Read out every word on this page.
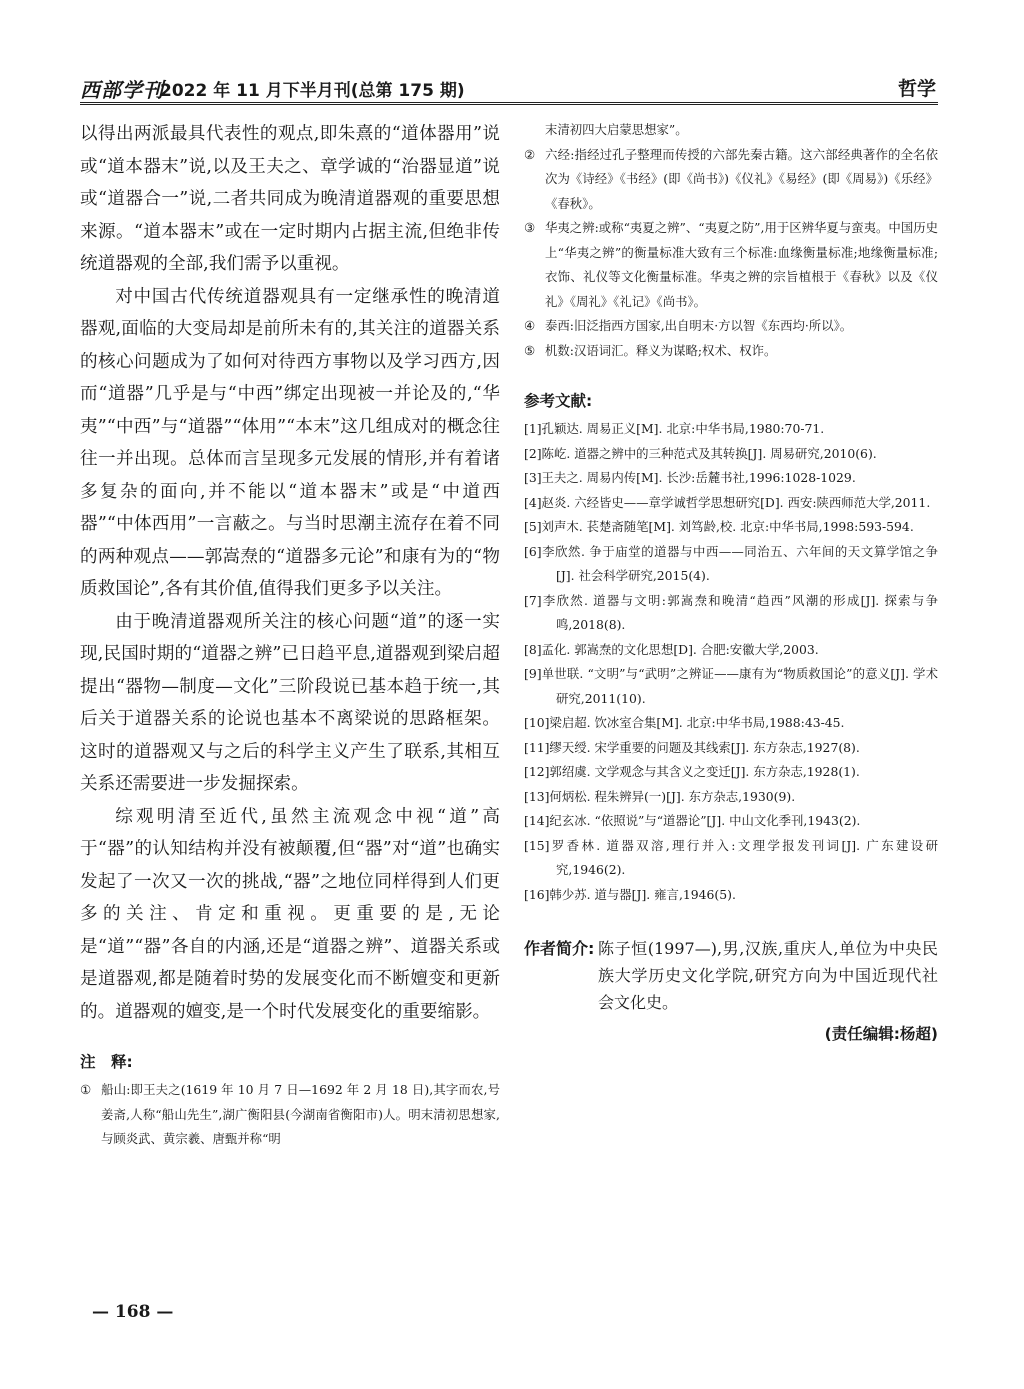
西部学刊
2022 年 11 月下半月刊(总第 175 期)	哲学

以得出两派最具代表性的观点,即朱熹的“道体器用”说或“道本器末”说,以及王夫之、章学诚的“治器显道”说或“道器合一”说,二者共同成为晚清道器观的重要思想来源。“道本器末”或在一定时期内占据主流,但绝非传统道器观的全部,我们需予以重视。

对中国古代传统道器观具有一定继承性的晚清道器观,面临的大变局却是前所未有的,其关注的道器关系的核心问题成为了如何对待西方事物以及学习西方,因而“道器”几乎是与“中西”绑定出现被一并论及的,“华夷”“中西”与“道器”“体用”“本末”这几组成对的概念往往一并出现。总体而言呈现多元发展的情形,并有着诸多复杂的面向,并不能以“道本器末”或是“中道西器”“中体西用”一言蔽之。与当时思潮主流存在着不同的两种观点——郭嵩焘的“道器多元论”和康有为的“物质救国论”,各有其价值,值得我们更多予以关注。

由于晚清道器观所关注的核心问题“道”的逐一实现,民国时期的“道器之辨”已日趋平息,道器观到梁启超提出“器物—制度—文化”三阶段说已基本趋于统一,其后关于道器关系的论说也基本不离梁说的思路框架。这时的道器观又与之后的科学主义产生了联系,其相互关系还需要进一步发掘探索。

综观明清至近代,虽然主流观念中视“道”高于“器”的认知结构并没有被颠覆,但“器”对“道”也确实发起了一次又一次的挑战,“器”之地位同样得到人们更多的关注、肯定和重视。更重要的是,无论是“道”“器”各自的内涵,还是“道器之辨”、道器关系或是道器观,都是随着时势的发展变化而不断嬗变和更新的。道器观的嬗变,是一个时代发展变化的重要缩影。

注　释:

① 船山:即王夫之(1619 年 10 月 7 日—1692 年 2 月 18 日),其字而农,号姜斋,人称“船山先生”,湖广衡阳县(今湖南省衡阳市)人。明末清初思想家,与顾炎武、黄宗羲、唐甄并称“明

末清初四大启蒙思想家”。

② 六经:指经过孔子整理而传授的六部先秦古籍。这六部经典著作的全名依次为《诗经》《书经》(即《尚书》)《仪礼》《易经》(即《周易》)《乐经》《春秋》。

③ 华夷之辨:或称“夷夏之辨”、“夷夏之防”,用于区辨华夏与蛮夷。中国历史上“华夷之辨”的衡量标准大致有三个标准:血缘衡量标准;地缘衡量标准;衣饰、礼仪等文化衡量标准。华夷之辨的宗旨植根于《春秋》以及《仪礼》《周礼》《礼记》《尚书》。

④ 泰西:旧泛指西方国家,出自明末·方以智《东西均·所以》。

⑤ 机数:汉语词汇。释义为谋略;权术、权诈。

参考文献:

[1]孔颖达. 周易正义[M]. 北京:中华书局,1980:70-71.

[2]陈屹. 道器之辨中的三种范式及其转换[J]. 周易研究,2010(6).

[3]王夫之. 周易内传[M]. 长沙:岳麓书社,1996:1028-1029.

[4]赵炎. 六经皆史——章学诚哲学思想研究[D]. 西安:陕西师范大学,2011.

[5]刘声木. 苌楚斋随笔[M]. 刘笃龄,校. 北京:中华书局,1998:593-594.

[6]李欣然. 争于庙堂的道器与中西——同治五、六年间的天文算学馆之争[J]. 社会科学研究,2015(4).

[7]李欣然. 道器与文明:郭嵩焘和晚清“趋西”风潮的形成[J]. 探索与争鸣,2018(8).

[8]孟化. 郭嵩焘的文化思想[D]. 合肥:安徽大学,2003.

[9]单世联. “文明”与“武明”之辨证——康有为“物质救国论”的意义[J]. 学术研究,2011(10).

[10]梁启超. 饮冰室合集[M]. 北京:中华书局,1988:43-45.

[11]缪天绶. 宋学重要的问题及其线索[J]. 东方杂志,1927(8).

[12]郭绍虞. 文学观念与其含义之变迁[J]. 东方杂志,1928(1).

[13]何炳松. 程朱辨异(一)[J]. 东方杂志,1930(9).

[14]纪玄冰. “依照说”与“道器论”[J]. 中山文化季刊,1943(2).

[15]罗香林. 道器双溶,理行并入:文理学报发刊词[J]. 广东建设研究,1946(2).

[16]韩少苏. 道与器[J]. 雍言,1946(5).

作者简介: 陈子恒(1997—),男,汉族,重庆人,单位为中央民族大学历史文化学院,研究方向为中国近现代社会文化史。
(责任编辑:杨超)
— 168 —
